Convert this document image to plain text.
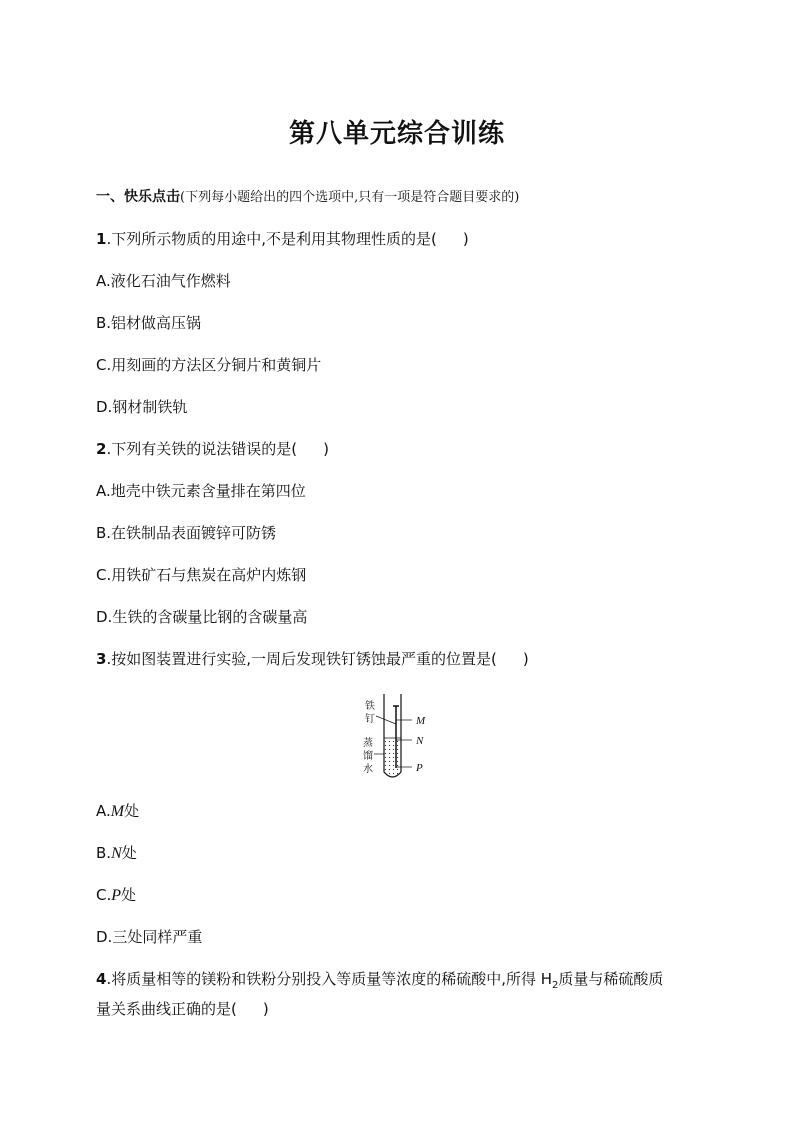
第八单元综合训练
一、快乐点击(下列每小题给出的四个选项中,只有一项是符合题目要求的)
1.下列所示物质的用途中,不是利用其物理性质的是( )
A.液化石油气作燃料
B.铝材做高压锅
C.用刻画的方法区分铜片和黄铜片
D.钢材制铁轨
2.下列有关铁的说法错误的是( )
A.地壳中铁元素含量排在第四位
B.在铁制品表面镀锌可防锈
C.用铁矿石与焦炭在高炉内炼钢
D.生铁的含碳量比钢的含碳量高
3.按如图装置进行实验,一周后发现铁钉锈蚀最严重的位置是( )
铁
钉
蒸
馏
水
M
N
P
A.M处
B.N处
C.P处
D.三处同样严重
4.将质量相等的镁粉和铁粉分别投入等质量等浓度的稀硫酸中,所得 $H_2$质量与稀硫酸质
量关系曲线正确的是( )
